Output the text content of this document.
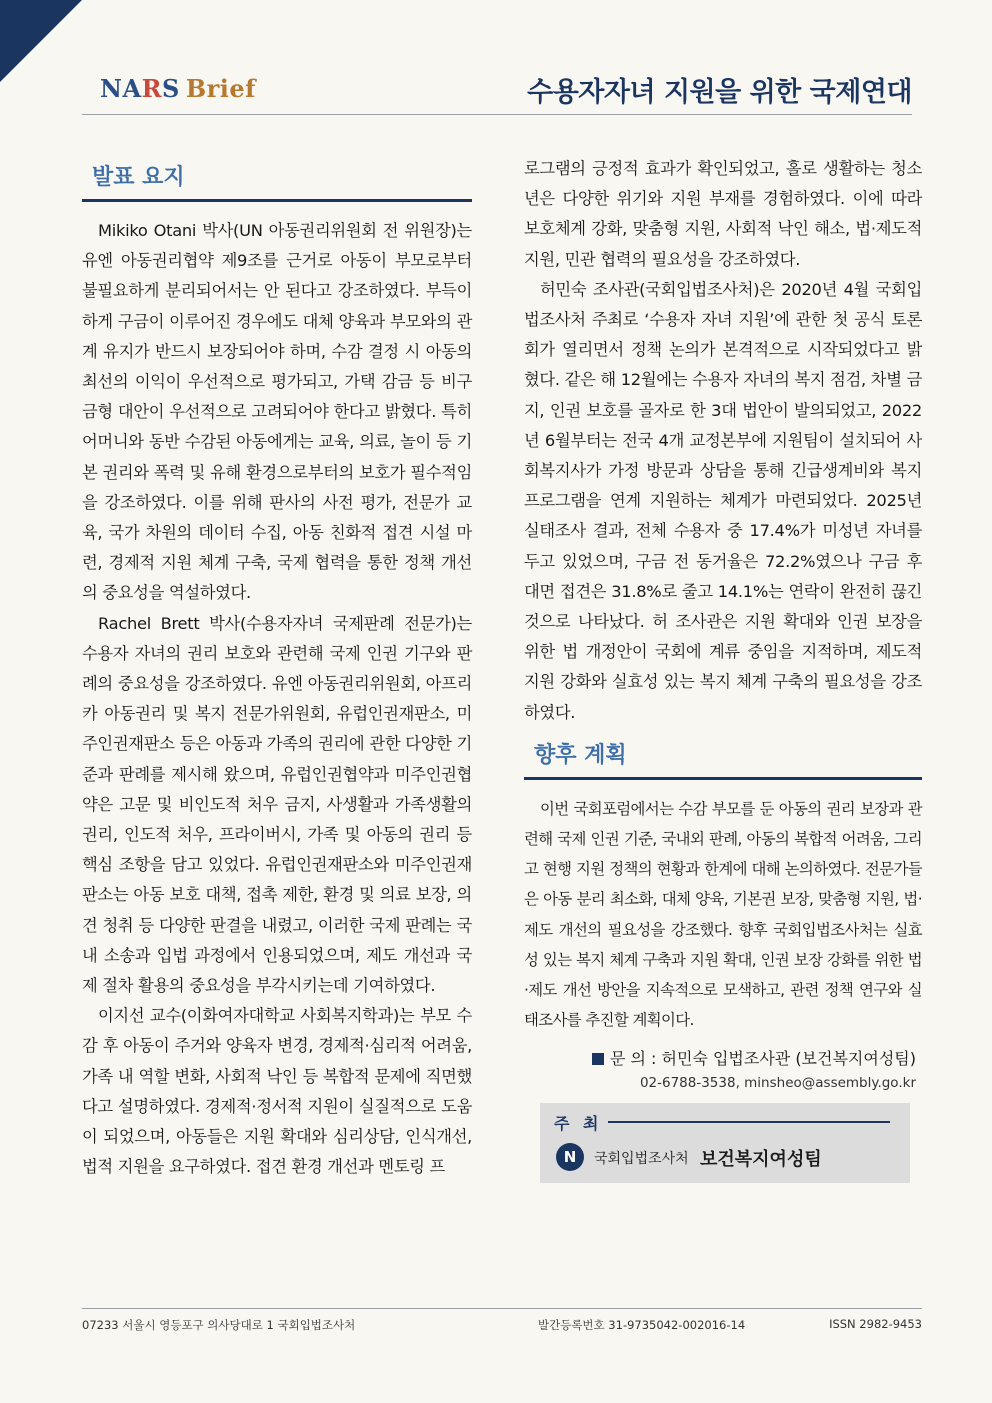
NARS Brief	수용자자녀 지원을 위한 국제연대
발표 요지

Mikiko Otani 박사(UN 아동권리위원회 전 위원장)는 유엔 아동권리협약 제9조를 근거로 아동이 부모로부터 불필요하게 분리되어서는 안 된다고 강조하였다. 부득이하게 구금이 이루어진 경우에도 대체 양육과 부모와의 관계 유지가 반드시 보장되어야 하며, 수감 결정 시 아동의 최선의 이익이 우선적으로 평가되고, 가택 감금 등 비구금형 대안이 우선적으로 고려되어야 한다고 밝혔다. 특히 어머니와 동반 수감된 아동에게는 교육, 의료, 놀이 등 기본 권리와 폭력 및 유해 환경으로부터의 보호가 필수적임을 강조하였다. 이를 위해 판사의 사전 평가, 전문가 교육, 국가 차원의 데이터 수집, 아동 친화적 접견 시설 마련, 경제적 지원 체계 구축, 국제 협력을 통한 정책 개선의 중요성을 역설하였다.

Rachel Brett 박사(수용자자녀 국제판례 전문가)는 수용자 자녀의 권리 보호와 관련해 국제 인권 기구와 판례의 중요성을 강조하였다. 유엔 아동권리위원회, 아프리카 아동권리 및 복지 전문가위원회, 유럽인권재판소, 미주인권재판소 등은 아동과 가족의 권리에 관한 다양한 기준과 판례를 제시해 왔으며, 유럽인권협약과 미주인권협약은 고문 및 비인도적 처우 금지, 사생활과 가족생활의 권리, 인도적 처우, 프라이버시, 가족 및 아동의 권리 등 핵심 조항을 담고 있었다. 유럽인권재판소와 미주인권재판소는 아동 보호 대책, 접촉 제한, 환경 및 의료 보장, 의견 청취 등 다양한 판결을 내렸고, 이러한 국제 판례는 국내 소송과 입법 과정에서 인용되었으며, 제도 개선과 국제 절차 활용의 중요성을 부각시키는데 기여하였다.

이지선 교수(이화여자대학교 사회복지학과)는 부모 수감 후 아동이 주거와 양육자 변경, 경제적·심리적 어려움, 가족 내 역할 변화, 사회적 낙인 등 복합적 문제에 직면했다고 설명하였다. 경제적·정서적 지원이 실질적으로 도움이 되었으며, 아동들은 지원 확대와 심리상담, 인식개선, 법적 지원을 요구하였다. 접견 환경 개선과 멘토링 프

로그램의 긍정적 효과가 확인되었고, 홀로 생활하는 청소년은 다양한 위기와 지원 부재를 경험하였다. 이에 따라 보호체계 강화, 맞춤형 지원, 사회적 낙인 해소, 법·제도적 지원, 민관 협력의 필요성을 강조하였다.

허민숙 조사관(국회입법조사처)은 2020년 4월 국회입법조사처 주최로 ‘수용자 자녀 지원’에 관한 첫 공식 토론회가 열리면서 정책 논의가 본격적으로 시작되었다고 밝혔다. 같은 해 12월에는 수용자 자녀의 복지 점검, 차별 금지, 인권 보호를 골자로 한 3대 법안이 발의되었고, 2022년 6월부터는 전국 4개 교정본부에 지원팀이 설치되어 사회복지사가 가정 방문과 상담을 통해 긴급생계비와 복지 프로그램을 연계 지원하는 체계가 마련되었다. 2025년 실태조사 결과, 전체 수용자 중 17.4%가 미성년 자녀를 두고 있었으며, 구금 전 동거율은 72.2%였으나 구금 후 대면 접견은 31.8%로 줄고 14.1%는 연락이 완전히 끊긴 것으로 나타났다. 허 조사관은 지원 확대와 인권 보장을 위한 법 개정안이 국회에 계류 중임을 지적하며, 제도적 지원 강화와 실효성 있는 복지 체계 구축의 필요성을 강조하였다.

향후 계획

이번 국회포럼에서는 수감 부모를 둔 아동의 권리 보장과 관련해 국제 인권 기준, 국내외 판례, 아동의 복합적 어려움, 그리고 현행 지원 정책의 현황과 한계에 대해 논의하였다. 전문가들은 아동 분리 최소화, 대체 양육, 기본권 보장, 맞춤형 지원, 법·제도 개선의 필요성을 강조했다. 향후 국회입법조사처는 실효성 있는 복지 체계 구축과 지원 확대, 인권 보장 강화를 위한 법·제도 개선 방안을 지속적으로 모색하고, 관련 정책 연구와 실태조사를 추진할 계획이다.

문 의 : 허민숙 입법조사관 (보건복지여성팀)
02-6788-3538, minsheo@assembly.go.kr
주 최
N	국회입법조사처 보건복지여성팀
07233 서울시 영등포구 의사당대로 1 국회입법조사처	발간등록번호 31-9735042-002016-14	ISSN 2982-9453
